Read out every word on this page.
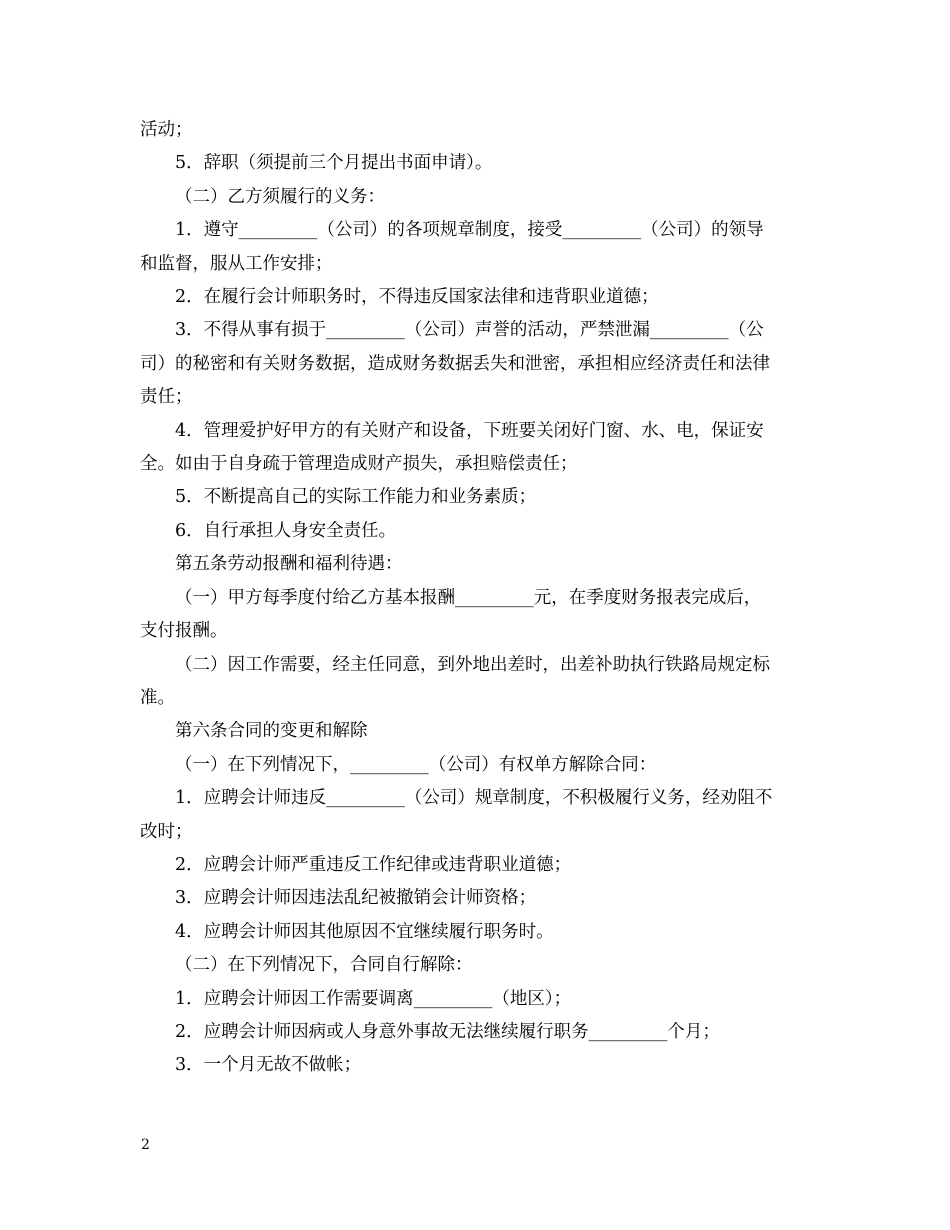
活动；
5．辞职（须提前三个月提出书面申请）。
（二）乙方须履行的义务：
1．遵守_________（公司）的各项规章制度，接受_________（公司）的领导
和监督，服从工作安排；
2．在履行会计师职务时，不得违反国家法律和违背职业道德；
3．不得从事有损于_________（公司）声誉的活动，严禁泄漏_________（公
司）的秘密和有关财务数据，造成财务数据丢失和泄密，承担相应经济责任和法律
责任；
4．管理爱护好甲方的有关财产和设备，下班要关闭好门窗、水、电，保证安
全。如由于自身疏于管理造成财产损失，承担赔偿责任；
5．不断提高自己的实际工作能力和业务素质；
6．自行承担人身安全责任。
第五条劳动报酬和福利待遇：
（一）甲方每季度付给乙方基本报酬_________元，在季度财务报表完成后，
支付报酬。
（二）因工作需要，经主任同意，到外地出差时，出差补助执行铁路局规定标
准。
第六条合同的变更和解除
（一）在下列情况下，_________（公司）有权单方解除合同：
1．应聘会计师违反_________（公司）规章制度，不积极履行义务，经劝阻不
改时；
2．应聘会计师严重违反工作纪律或违背职业道德；
3．应聘会计师因违法乱纪被撤销会计师资格；
4．应聘会计师因其他原因不宜继续履行职务时。
（二）在下列情况下，合同自行解除：
1．应聘会计师因工作需要调离_________（地区）；
2．应聘会计师因病或人身意外事故无法继续履行职务_________个月；
3．一个月无故不做帐；
2
